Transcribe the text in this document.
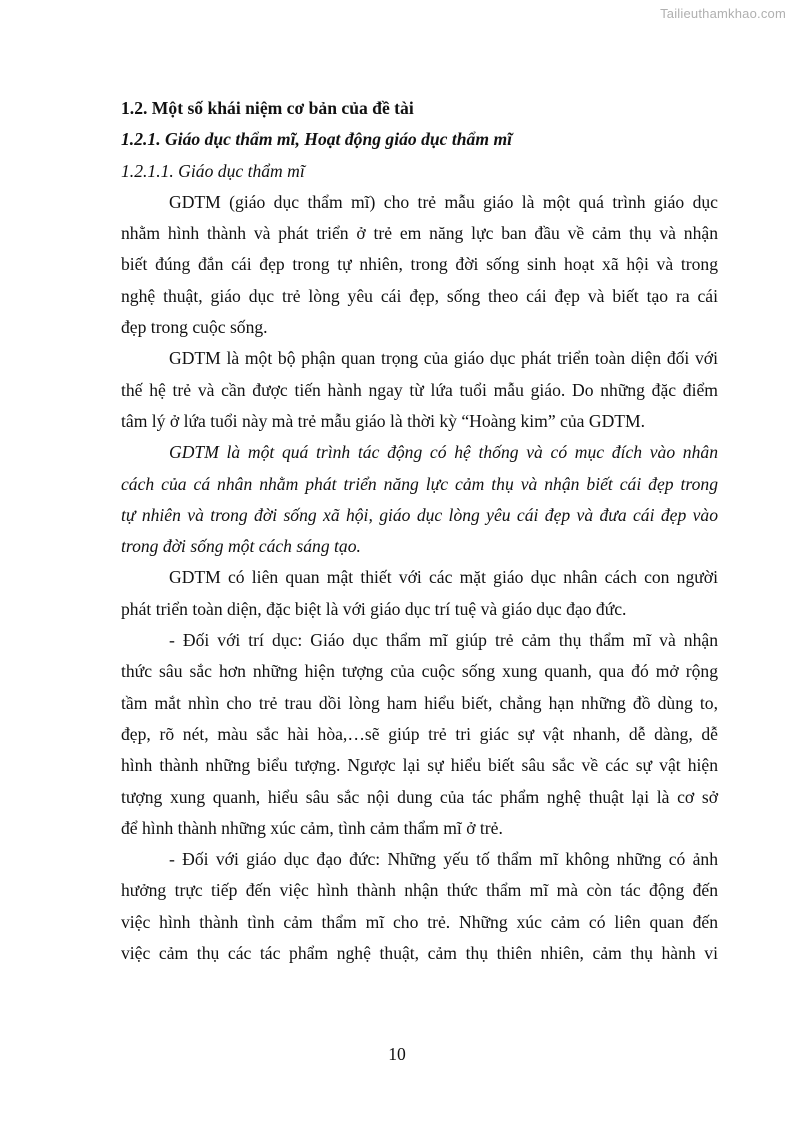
Tailieuthamkhao.com
1.2. Một số khái niệm cơ bản của đề tài
1.2.1. Giáo dục thẩm mĩ, Hoạt động giáo dục thẩm mĩ
1.2.1.1. Giáo dục thẩm mĩ
GDTM (giáo dục thẩm mĩ) cho trẻ mẫu giáo là một quá trình giáo dục
nhằm hình thành và phát triển ở trẻ em năng lực ban đầu về cảm thụ và nhận
biết đúng đắn cái đẹp trong tự nhiên, trong đời sống sinh hoạt xã hội và trong
nghệ thuật, giáo dục trẻ lòng yêu cái đẹp, sống theo cái đẹp và biết tạo ra cái
đẹp trong cuộc sống.
GDTM là một bộ phận quan trọng của giáo dục phát triển toàn diện đối với
thế hệ trẻ và cần được tiến hành ngay từ lứa tuổi mẫu giáo. Do những đặc điểm
tâm lý ở lứa tuổi này mà trẻ mẫu giáo là thời kỳ “Hoàng kim” của GDTM.
GDTM là một quá trình tác động có hệ thống và có mục đích vào nhân
cách của cá nhân nhằm phát triển năng lực cảm thụ và nhận biết cái đẹp trong
tự nhiên và trong đời sống xã hội, giáo dục lòng yêu cái đẹp và đưa cái đẹp vào
trong đời sống một cách sáng tạo.
GDTM có liên quan mật thiết với các mặt giáo dục nhân cách con người
phát triển toàn diện, đặc biệt là với giáo dục trí tuệ và giáo dục đạo đức.
- Đối với trí dục: Giáo dục thẩm mĩ giúp trẻ cảm thụ thẩm mĩ và nhận
thức sâu sắc hơn những hiện tượng của cuộc sống xung quanh, qua đó mở rộng
tầm mắt nhìn cho trẻ trau dồi lòng ham hiểu biết, chẳng hạn những đồ dùng to,
đẹp, rõ nét, màu sắc hài hòa,…sẽ giúp trẻ tri giác sự vật nhanh, dễ dàng, dễ
hình thành những biểu tượng. Ngược lại sự hiểu biết sâu sắc về các sự vật hiện
tượng xung quanh, hiểu sâu sắc nội dung của tác phẩm nghệ thuật lại là cơ sở
để hình thành những xúc cảm, tình cảm thẩm mĩ ở trẻ.
- Đối với giáo dục đạo đức: Những yếu tố thẩm mĩ không những có ảnh
hưởng trực tiếp đến việc hình thành nhận thức thẩm mĩ mà còn tác động đến
việc hình thành tình cảm thẩm mĩ cho trẻ. Những xúc cảm có liên quan đến
việc cảm thụ các tác phẩm nghệ thuật, cảm thụ thiên nhiên, cảm thụ hành vi
10
